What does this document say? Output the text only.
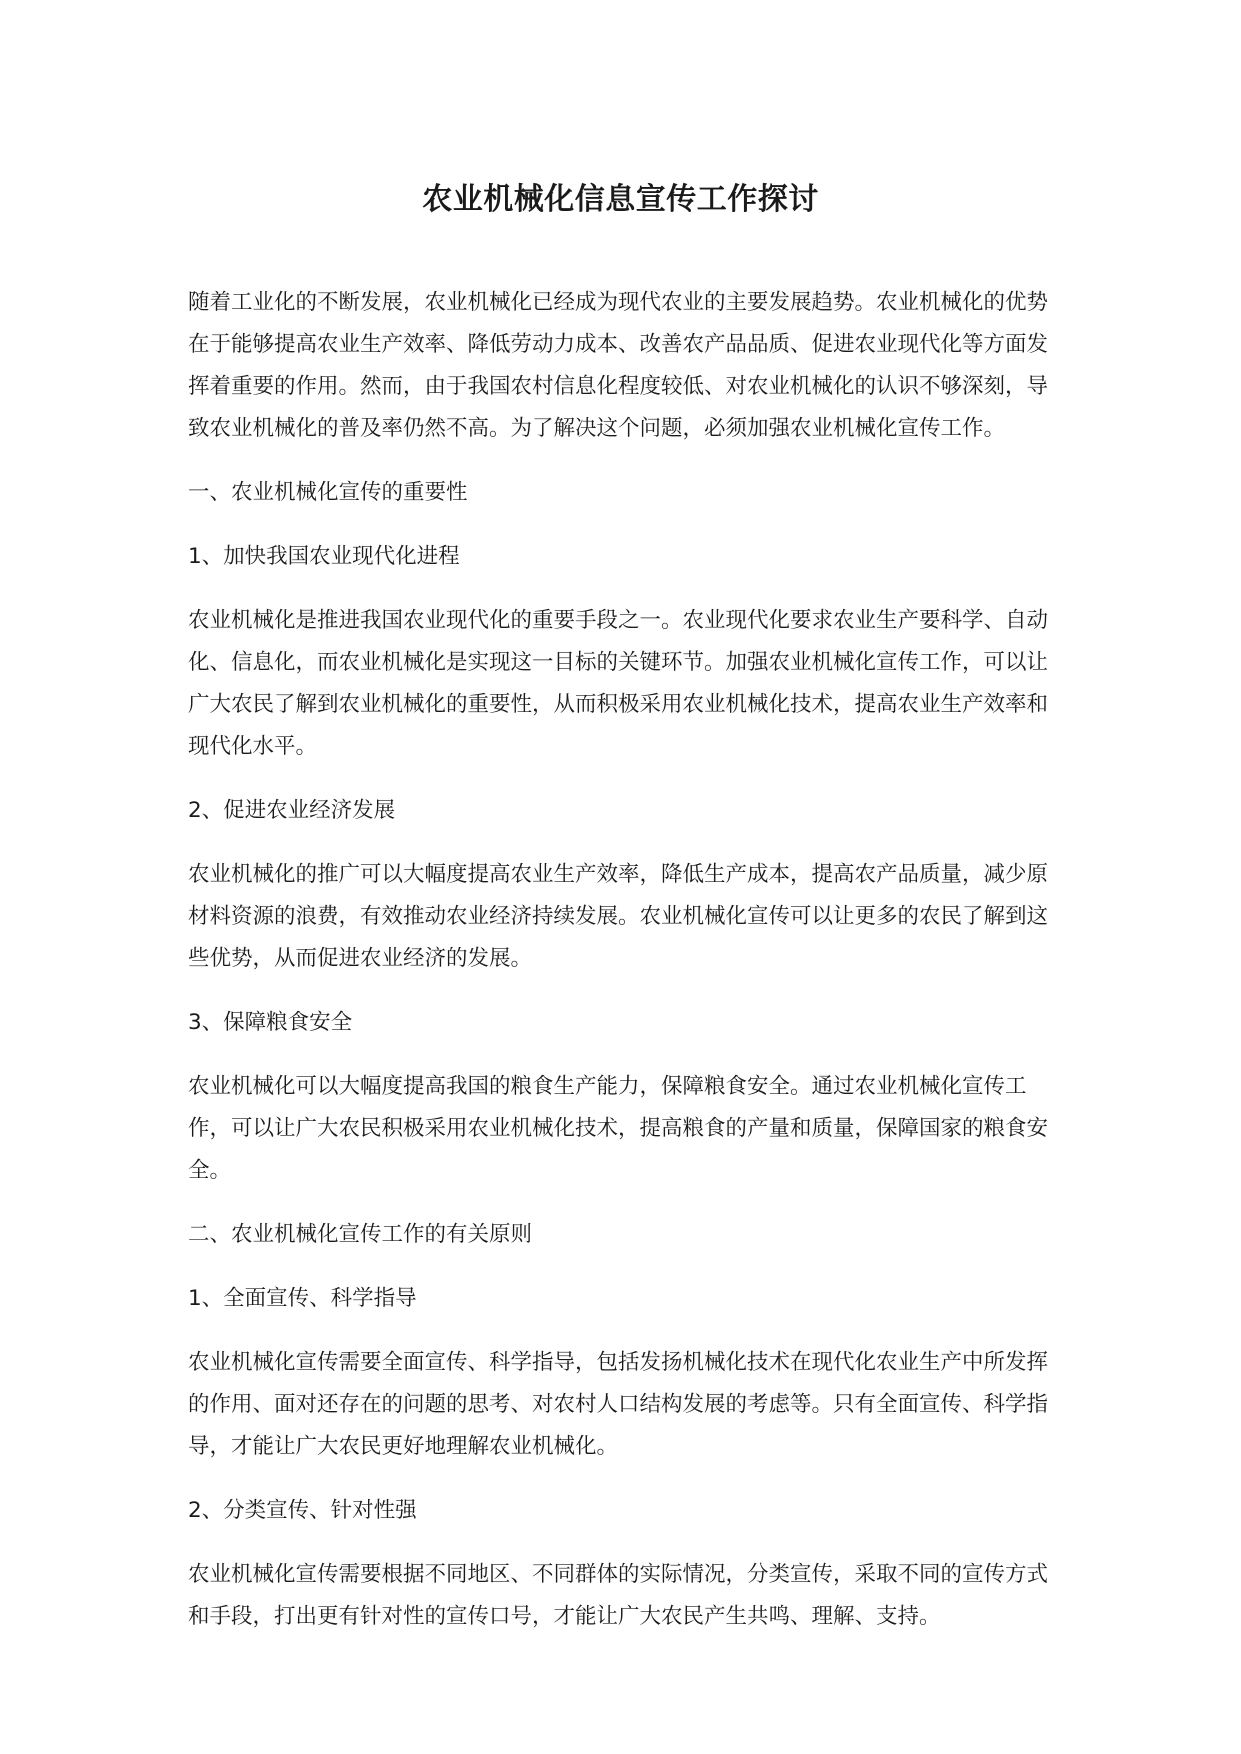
农业机械化信息宣传工作探讨

随着工业化的不断发展，农业机械化已经成为现代农业的主要发展趋势。农业机械化的优势在于能够提高农业生产效率、降低劳动力成本、改善农产品品质、促进农业现代化等方面发挥着重要的作用。然而，由于我国农村信息化程度较低、对农业机械化的认识不够深刻，导致农业机械化的普及率仍然不高。为了解决这个问题，必须加强农业机械化宣传工作。

一、农业机械化宣传的重要性

1、加快我国农业现代化进程

农业机械化是推进我国农业现代化的重要手段之一。农业现代化要求农业生产要科学、自动化、信息化，而农业机械化是实现这一目标的关键环节。加强农业机械化宣传工作，可以让广大农民了解到农业机械化的重要性，从而积极采用农业机械化技术，提高农业生产效率和现代化水平。

2、促进农业经济发展

农业机械化的推广可以大幅度提高农业生产效率，降低生产成本，提高农产品质量，减少原材料资源的浪费，有效推动农业经济持续发展。农业机械化宣传可以让更多的农民了解到这些优势，从而促进农业经济的发展。

3、保障粮食安全

农业机械化可以大幅度提高我国的粮食生产能力，保障粮食安全。通过农业机械化宣传工作，可以让广大农民积极采用农业机械化技术，提高粮食的产量和质量，保障国家的粮食安全。

二、农业机械化宣传工作的有关原则

1、全面宣传、科学指导

农业机械化宣传需要全面宣传、科学指导，包括发扬机械化技术在现代化农业生产中所发挥的作用、面对还存在的问题的思考、对农村人口结构发展的考虑等。只有全面宣传、科学指导，才能让广大农民更好地理解农业机械化。

2、分类宣传、针对性强

农业机械化宣传需要根据不同地区、不同群体的实际情况，分类宣传，采取不同的宣传方式和手段，打出更有针对性的宣传口号，才能让广大农民产生共鸣、理解、支持。
